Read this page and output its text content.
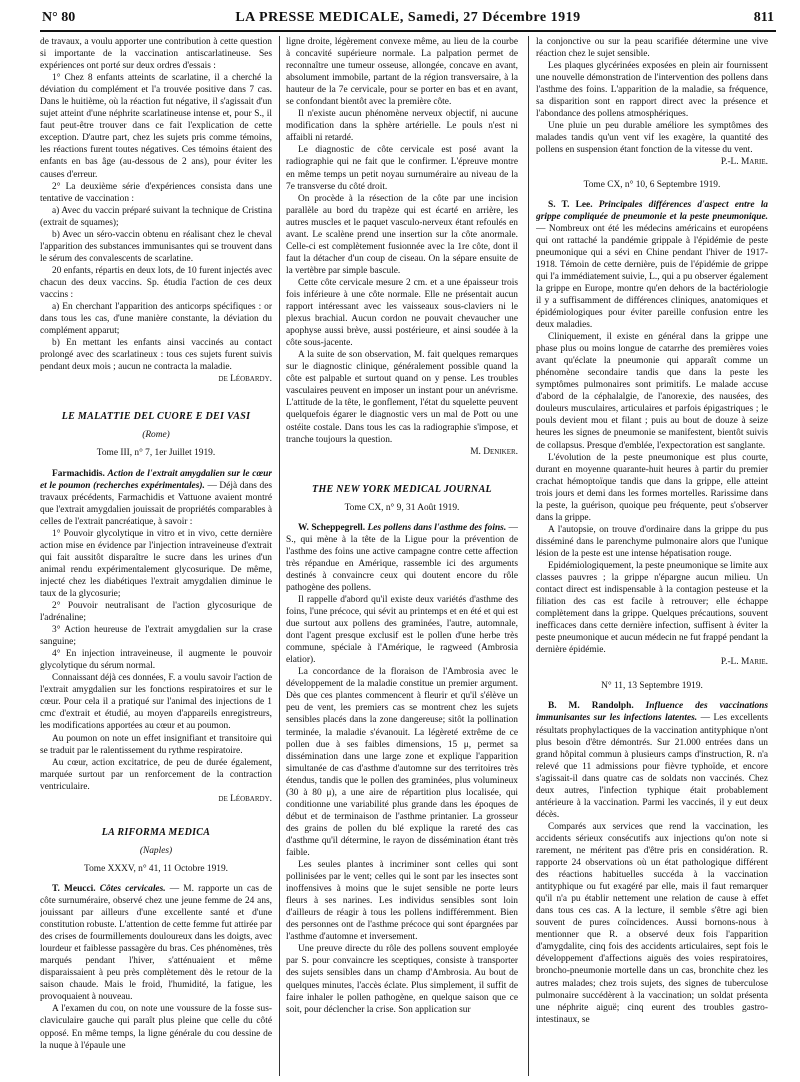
N° 80	LA PRESSE MEDICALE, Samedi, 27 Décembre 1919	811

de travaux, a voulu apporter une contribution à cette question si importante de la vaccination antiscarlatineuse. Ses expériences ont porté sur deux ordres d'essais :

1° Chez 8 enfants atteints de scarlatine, il a cherché la déviation du complément et l'a trouvée positive dans 7 cas. Dans le huitième, où la réaction fut négative, il s'agissait d'un sujet atteint d'une néphrite scarlatineuse intense et, pour S., il faut peut-être trouver dans ce fait l'explication de cette exception. D'autre part, chez les sujets pris comme témoins, les réactions furent toutes négatives. Ces témoins étaient des enfants en bas âge (au-dessous de 2 ans), pour éviter les causes d'erreur.

2° La deuxième série d'expériences consista dans une tentative de vaccination :

a) Avec du vaccin préparé suivant la technique de Cristina (extrait de squames);

b) Avec un séro-vaccin obtenu en réalisant chez le cheval l'apparition des substances immunisantes qui se trouvent dans le sérum des convalescents de scarlatine.

20 enfants, répartis en deux lots, de 10 furent injectés avec chacun des deux vaccins. Sp. étudia l'action de ces deux vaccins :

a) En cherchant l'apparition des anticorps spécifiques : or dans tous les cas, d'une manière constante, la déviation du complément apparut;

b) En mettant les enfants ainsi vaccinés au contact prolongé avec des scarlatineux : tous ces sujets furent suivis pendant deux mois ; aucun ne contracta la maladie.

de Léobardy.

LE MALATTIE DEL CUORE E DEI VASI

(Rome)

Tome III, n° 7, 1er Juillet 1919.

Farmachidis. Action de l'extrait amygdalien sur le cœur et le poumon (recherches expérimentales). — Déjà dans des travaux précédents, Farmachidis et Vattuone avaient montré que l'extrait amygdalien jouissait de propriétés comparables à celles de l'extrait pancréatique, à savoir :

1° Pouvoir glycolytique in vitro et in vivo, cette dernière action mise en évidence par l'injection intraveineuse d'extrait qui fait aussitôt disparaître le sucre dans les urines d'un animal rendu expérimentalement glycosurique. De même, injecté chez les diabétiques l'extrait amygdalien diminue le taux de la glycosurie;

2° Pouvoir neutralisant de l'action glycosurique de l'adrénaline;

3° Action heureuse de l'extrait amygdalien sur la crase sanguine;

4° En injection intraveineuse, il augmente le pouvoir glycolytique du sérum normal.

Connaissant déjà ces données, F. a voulu savoir l'action de l'extrait amygdalien sur les fonctions respiratoires et sur le cœur. Pour cela il a pratiqué sur l'animal des injections de 1 cmc d'extrait et étudié, au moyen d'appareils enregistreurs, les modifications apportées au cœur et au poumon.

Au poumon on note un effet insignifiant et transitoire qui se traduit par le ralentissement du rythme respiratoire.

Au cœur, action excitatrice, de peu de durée également, marquée surtout par un renforcement de la contraction ventriculaire.

de Léobardy.

LA RIFORMA MEDICA

(Naples)

Tome XXXV, n° 41, 11 Octobre 1919.

T. Meucci. Côtes cervicales. — M. rapporte un cas de côte surnuméraire, observé chez une jeune femme de 24 ans, jouissant par ailleurs d'une excellente santé et d'une constitution robuste. L'attention de cette femme fut attirée par des crises de fourmillements douloureux dans les doigts, avec lourdeur et faiblesse passagère du bras. Ces phénomènes, très marqués pendant l'hiver, s'atténuaient et même disparaissaient à peu près complètement dès le retour de la saison chaude. Mais le froid, l'humidité, la fatigue, les provoquaient à nouveau.

A l'examen du cou, on note une voussure de la fosse sus-claviculaire gauche qui paraît plus pleine que celle du côté opposé. En même temps, la ligne générale du cou dessine de la nuque à l'épaule une

ligne droite, légèrement convexe même, au lieu de la courbe à concavité supérieure normale. La palpation permet de reconnaître une tumeur osseuse, allongée, concave en avant, absolument immobile, partant de la région transversaire, à la hauteur de la 7e cervicale, pour se porter en bas et en avant, se confondant bientôt avec la première côte.

Il n'existe aucun phénomène nerveux objectif, ni aucune modification dans la sphère artérielle. Le pouls n'est ni affaibli ni retardé.

Le diagnostic de côte cervicale est posé avant la radiographie qui ne fait que le confirmer. L'épreuve montre en même temps un petit noyau surnuméraire au niveau de la 7e transverse du côté droit.

On procède à la résection de la côte par une incision parallèle au bord du trapèze qui est écarté en arrière, les autres muscles et le paquet vasculo-nerveux étant refoulés en avant. Le scalène prend une insertion sur la côte anormale. Celle-ci est complètement fusionnée avec la 1re côte, dont il faut la détacher d'un coup de ciseau. On la sépare ensuite de la vertèbre par simple bascule.

Cette côte cervicale mesure 2 cm. et a une épaisseur trois fois inférieure à une côte normale. Elle ne présentait aucun rapport intéressant avec les vaisseaux sous-claviers ni le plexus brachial. Aucun cordon ne pouvait chevaucher une apophyse aussi brève, aussi postérieure, et ainsi soudée à la côte sous-jacente.

A la suite de son observation, M. fait quelques remarques sur le diagnostic clinique, généralement possible quand la côte est palpable et surtout quand on y pense. Les troubles vasculaires peuvent en imposer un instant pour un anévrisme. L'attitude de la tête, le gonflement, l'état du squelette peuvent quelquefois égarer le diagnostic vers un mal de Pott ou une ostéite costale. Dans tous les cas la radiographie s'impose, et tranche toujours la question.

M. Deniker.

THE NEW YORK MEDICAL JOURNAL

Tome CX, n° 9, 31 Août 1919.

W. Scheppegrell. Les pollens dans l'asthme des foins. — S., qui mène à la tête de la Ligue pour la prévention de l'asthme des foins une active campagne contre cette affection très répandue en Amérique, rassemble ici des arguments destinés à convaincre ceux qui doutent encore du rôle pathogène des pollens.

Il rappelle d'abord qu'il existe deux variétés d'asthme des foins, l'une précoce, qui sévit au printemps et en été et qui est due surtout aux pollens des graminées, l'autre, automnale, dont l'agent presque exclusif est le pollen d'une herbe très commune, spéciale à l'Amérique, le ragweed (Ambrosia elatior).

La concordance de la floraison de l'Ambrosia avec le développement de la maladie constitue un premier argument. Dès que ces plantes commencent à fleurir et qu'il s'élève un peu de vent, les premiers cas se montrent chez les sujets sensibles placés dans la zone dangereuse; sitôt la pollination terminée, la maladie s'évanouit. La légèreté extrême de ce pollen due à ses faibles dimensions, 15 μ, permet sa dissémination dans une large zone et explique l'apparition simultanée de cas d'asthme d'automne sur des territoires très étendus, tandis que le pollen des graminées, plus volumineux (30 à 80 μ), a une aire de répartition plus localisée, qui conditionne une variabilité plus grande dans les époques de début et de terminaison de l'asthme printanier. La grosseur des grains de pollen du blé explique la rareté des cas d'asthme qu'il détermine, le rayon de dissémination étant très faible.

Les seules plantes à incriminer sont celles qui sont pollinisées par le vent; celles qui le sont par les insectes sont inoffensives à moins que le sujet sensible ne porte leurs fleurs à ses narines. Les individus sensibles sont loin d'ailleurs de réagir à tous les pollens indifféremment. Bien des personnes ont de l'asthme précoce qui sont épargnées par l'asthme d'automne et inversement.

Une preuve directe du rôle des pollens souvent employée par S. pour convaincre les sceptiques, consiste à transporter des sujets sensibles dans un champ d'Ambrosia. Au bout de quelques minutes, l'accès éclate. Plus simplement, il suffit de faire inhaler le pollen pathogène, en quelque saison que ce soit, pour déclencher la crise. Son application sur

la conjonctive ou sur la peau scarifiée détermine une vive réaction chez le sujet sensible.

Les plaques glycérinées exposées en plein air fournissent une nouvelle démonstration de l'intervention des pollens dans l'asthme des foins. L'apparition de la maladie, sa fréquence, sa disparition sont en rapport direct avec la présence et l'abondance des pollens atmosphériques.

Une pluie un peu durable améliore les symptômes des malades tandis qu'un vent vif les exagère, la quantité des pollens en suspension étant fonction de la vitesse du vent.

P.-L. Marie.

Tome CX, n° 10, 6 Septembre 1919.

S. T. Lee. Principales différences d'aspect entre la grippe compliquée de pneumonie et la peste pneumonique. — Nombreux ont été les médecins américains et européens qui ont rattaché la pandémie grippale à l'épidémie de peste pneumonique qui a sévi en Chine pendant l'hiver de 1917-1918. Témoin de cette dernière, puis de l'épidémie de grippe qui l'a immédiatement suivie, L., qui a pu observer également la grippe en Europe, montre qu'en dehors de la bactériologie il y a suffisamment de différences cliniques, anatomiques et épidémiologiques pour éviter pareille confusion entre les deux maladies.

Cliniquement, il existe en général dans la grippe une phase plus ou moins longue de catarrhe des premières voies avant qu'éclate la pneumonie qui apparaît comme un phénomène secondaire tandis que dans la peste les symptômes pulmonaires sont primitifs. Le malade accuse d'abord de la céphalalgie, de l'anorexie, des nausées, des douleurs musculaires, articulaires et parfois épigastriques ; le pouls devient mou et filant ; puis au bout de douze à seize heures les signes de pneumonie se manifestent, bientôt suivis de collapsus. Presque d'emblée, l'expectoration est sanglante.

L'évolution de la peste pneumonique est plus courte, durant en moyenne quarante-huit heures à partir du premier crachat hémoptoïque tandis que dans la grippe, elle atteint trois jours et demi dans les formes mortelles. Rarissime dans la peste, la guérison, quoique peu fréquente, peut s'observer dans la grippe.

A l'autopsie, on trouve d'ordinaire dans la grippe du pus disséminé dans le parenchyme pulmonaire alors que l'unique lésion de la peste est une intense hépatisation rouge.

Epidémiologiquement, la peste pneumonique se limite aux classes pauvres ; la grippe n'épargne aucun milieu. Un contact direct est indispensable à la contagion pesteuse et la filiation des cas est facile à retrouver; elle échappe complètement dans la grippe. Quelques précautions, souvent inefficaces dans cette dernière infection, suffisent à éviter la peste pneumonique et aucun médecin ne fut frappé pendant la dernière épidémie.

P.-L. Marie.

N° 11, 13 Septembre 1919.

B. M. Randolph. Influence des vaccinations immunisantes sur les infections latentes. — Les excellents résultats prophylactiques de la vaccination antityphique n'ont plus besoin d'être démontrés. Sur 21.000 entrées dans un grand hôpital commun à plusieurs camps d'instruction, R. n'a relevé que 11 admissions pour fièvre typhoïde, et encore s'agissait-il dans quatre cas de soldats non vaccinés. Chez deux autres, l'infection typhique était probablement antérieure à la vaccination. Parmi les vaccinés, il y eut deux décès.

Comparés aux services que rend la vaccination, les accidents sérieux consécutifs aux injections qu'on note si rarement, ne méritent pas d'être pris en considération. R. rapporte 24 observations où un état pathologique différent des réactions habituelles succéda à la vaccination antityphique ou fut exagéré par elle, mais il faut remarquer qu'il n'a pu établir nettement une relation de cause à effet dans tous ces cas. A la lecture, il semble s'être agi bien souvent de pures coïncidences. Aussi bornons-nous à mentionner que R. a observé deux fois l'apparition d'amygdalite, cinq fois des accidents articulaires, sept fois le développement d'affections aiguës des voies respiratoires, broncho-pneumonie mortelle dans un cas, bronchite chez les autres malades; chez trois sujets, des signes de tuberculose pulmonaire succédèrent à la vaccination; un soldat présenta une néphrite aiguë; cinq eurent des troubles gastro-intestinaux, se
